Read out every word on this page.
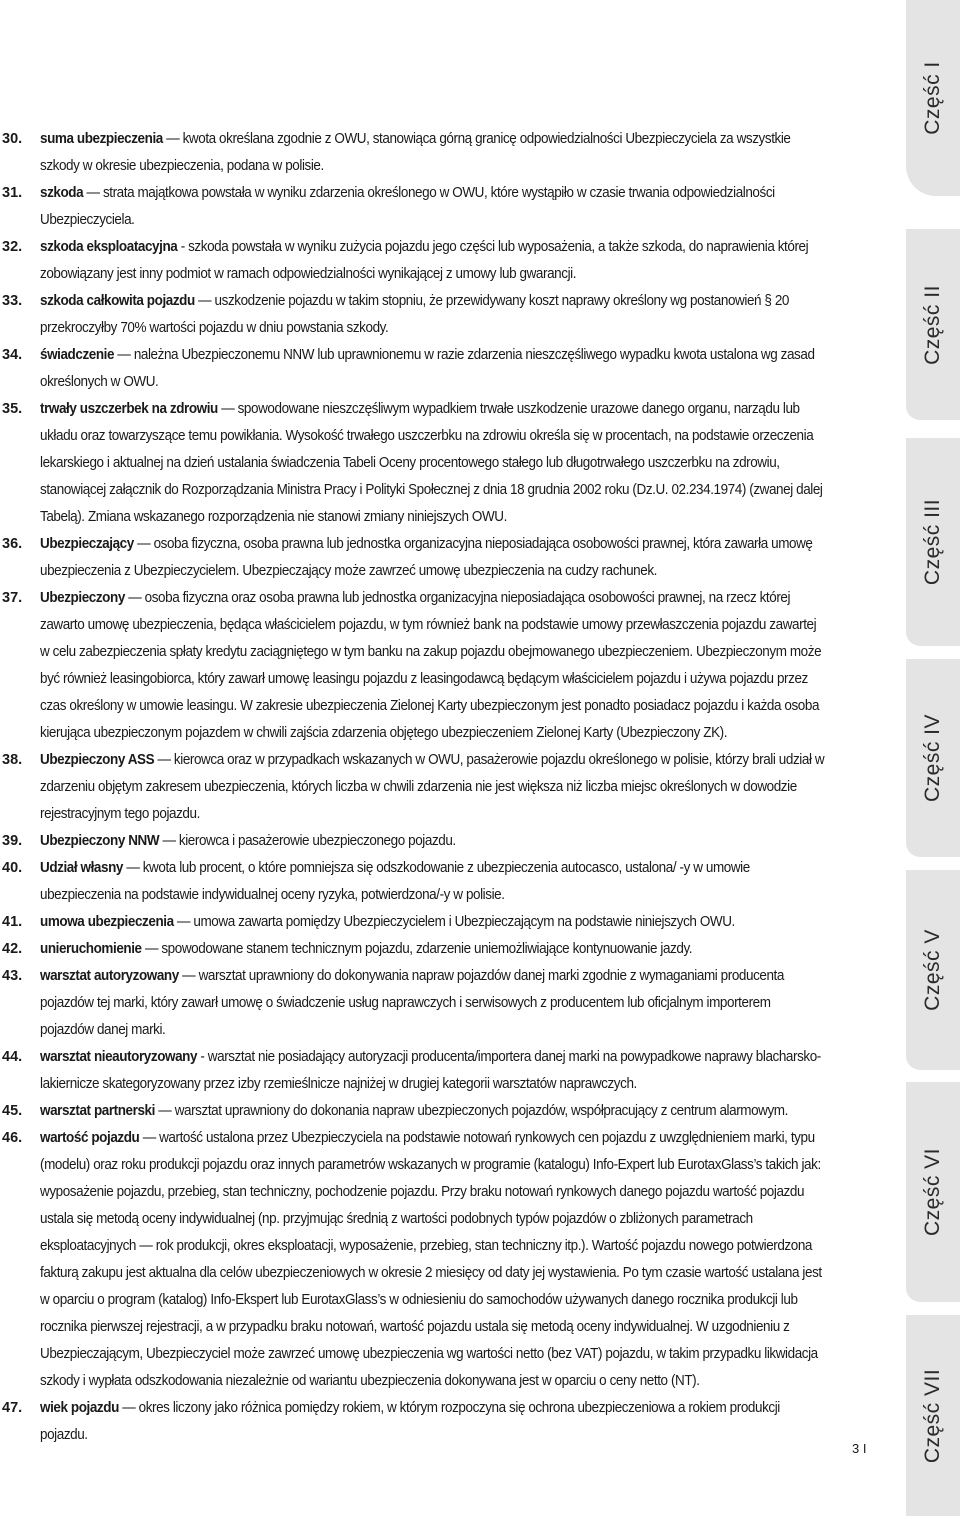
30.	suma ubezpieczenia — kwota określana zgodnie z OWU, stanowiąca górną granicę odpowiedzialności Ubezpieczyciela za wszystkie szkody w okresie ubezpieczenia, podana w polisie.
31.	szkoda — strata majątkowa powstała w wyniku zdarzenia określonego w OWU, które wystąpiło w czasie trwania odpowiedzialności Ubezpieczyciela.
32.	szkoda eksploatacyjna - szkoda powstała w wyniku zużycia pojazdu jego części lub wyposażenia, a także szkoda, do naprawienia której zobowiązany jest inny podmiot w ramach odpowiedzialności wynikającej z umowy lub gwarancji.
33.	szkoda całkowita pojazdu — uszkodzenie pojazdu w takim stopniu, że przewidywany koszt naprawy określony wg postanowień § 20 przekroczyłby 70% wartości pojazdu w dniu powstania szkody.
34.	świadczenie — należna Ubezpieczonemu NNW lub uprawnionemu w razie zdarzenia nieszczęśliwego wypadku kwota ustalona wg zasad określonych w OWU.
35.	trwały uszczerbek na zdrowiu — spowodowane nieszczęśliwym wypadkiem trwałe uszkodzenie urazowe danego organu, narządu lub układu oraz towarzyszące temu powikłania. Wysokość trwałego uszczerbku na zdrowiu określa się w procentach, na podstawie orzeczenia lekarskiego i aktualnej na dzień ustalania świadczenia Tabeli Oceny procentowego stałego lub długotrwałego uszczerbku na zdrowiu, stanowiącej załącznik do Rozporządzania Ministra Pracy i Polityki Społecznej z dnia 18 grudnia 2002 roku (Dz.U. 02.234.1974) (zwanej dalej Tabelą). Zmiana wskazanego rozporządzenia nie stanowi zmiany niniejszych OWU.
36.	Ubezpieczający — osoba fizyczna, osoba prawna lub jednostka organizacyjna nieposiadająca osobowości prawnej, która zawarła umowę ubezpieczenia z Ubezpieczycielem. Ubezpieczający może zawrzeć umowę ubezpieczenia na cudzy rachunek.
37.	Ubezpieczony — osoba fizyczna oraz osoba prawna lub jednostka organizacyjna nieposiadająca osobowości prawnej, na rzecz której zawarto umowę ubezpieczenia, będąca właścicielem pojazdu, w tym również bank na podstawie umowy przewłaszczenia pojazdu zawartej w celu zabezpieczenia spłaty kredytu zaciągniętego w tym banku na zakup pojazdu obejmowanego ubezpieczeniem. Ubezpieczonym może być również leasingobiorca, który zawarł umowę leasingu pojazdu z leasingodawcą będącym właścicielem pojazdu i używa pojazdu przez czas określony w umowie leasingu. W zakresie ubezpieczenia Zielonej Karty ubezpieczonym jest ponadto posiadacz pojazdu i każda osoba kierująca ubezpieczonym pojazdem w chwili zajścia zdarzenia objętego ubezpieczeniem Zielonej Karty (Ubezpieczony ZK).
38.	Ubezpieczony ASS — kierowca oraz w przypadkach wskazanych w OWU, pasażerowie pojazdu określonego w polisie, którzy brali udział w zdarzeniu objętym zakresem ubezpieczenia, których liczba w chwili zdarzenia nie jest większa niż liczba miejsc określonych w dowodzie rejestracyjnym tego pojazdu.
39.	Ubezpieczony NNW — kierowca i pasażerowie ubezpieczonego pojazdu.
40.	Udział własny — kwota lub procent, o które pomniejsza się odszkodowanie z ubezpieczenia autocasco, ustalona/ -y w umowie ubezpieczenia na podstawie indywidualnej oceny ryzyka, potwierdzona/-y w polisie.
41.	umowa ubezpieczenia — umowa zawarta pomiędzy Ubezpieczycielem i Ubezpieczającym na podstawie niniejszych OWU.
42.	unieruchomienie — spowodowane stanem technicznym pojazdu, zdarzenie uniemożliwiające kontynuowanie jazdy.
43.	warsztat autoryzowany — warsztat uprawniony do dokonywania napraw pojazdów danej marki zgodnie z wymaganiami producenta pojazdów tej marki, który zawarł umowę o świadczenie usług naprawczych i serwisowych z producentem lub oficjalnym importerem pojazdów danej marki.
44.	warsztat nieautoryzowany - warsztat nie posiadający autoryzacji producenta/importera danej marki na powypadkowe naprawy blacharsko-lakiernicze skategoryzowany przez izby rzemieślnicze najniżej w drugiej kategorii warsztatów naprawczych.
45.	warsztat partnerski — warsztat uprawniony do dokonania napraw ubezpieczonych pojazdów, współpracujący z centrum alarmowym.
46.	wartość pojazdu — wartość ustalona przez Ubezpieczyciela na podstawie notowań rynkowych cen pojazdu z uwzględnieniem marki, typu (modelu) oraz roku produkcji pojazdu oraz innych parametrów wskazanych w programie (katalogu) Info-Expert lub EurotaxGlass’s takich jak: wyposażenie pojazdu, przebieg, stan techniczny, pochodzenie pojazdu. Przy braku notowań rynkowych danego pojazdu wartość pojazdu ustala się metodą oceny indywidualnej (np. przyjmując średnią z wartości podobnych typów pojazdów o zbliżonych parametrach eksploatacyjnych — rok produkcji, okres eksploatacji, wyposażenie, przebieg, stan techniczny itp.). Wartość pojazdu nowego potwierdzona fakturą zakupu jest aktualna dla celów ubezpieczeniowych w okresie 2 miesięcy od daty jej wystawienia. Po tym czasie wartość ustalana jest w oparciu o program (katalog) Info-Ekspert lub EurotaxGlass’s w odniesieniu do samochodów używanych danego rocznika produkcji lub rocznika pierwszej rejestracji, a w przypadku braku notowań, wartość pojazdu ustala się metodą oceny indywidualnej. W uzgodnieniu z Ubezpieczającym, Ubezpieczyciel może zawrzeć umowę ubezpieczenia wg wartości netto (bez VAT) pojazdu, w takim przypadku likwidacja szkody i wypłata odszkodowania niezależnie od wariantu ubezpieczenia dokonywana jest w oparciu o ceny netto (NT).
47.	wiek pojazdu — okres liczony jako różnica pomiędzy rokiem, w którym rozpoczyna się ochrona ubezpieczeniowa a rokiem produkcji pojazdu.
3 I
Część I
Część II
Część III
Część IV
Część V
Część VI
Część VII
